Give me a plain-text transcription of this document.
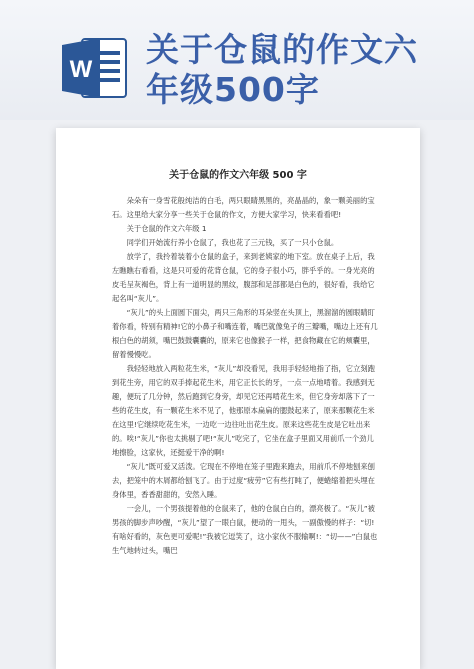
W
关于仓鼠的作文六
年级500字
关于仓鼠的作文六年级 500 字

朵朵有一身雪花般纯洁的白毛，两只眼睛黑黑的，亮晶晶的，象一颗美丽的宝石。这里给大家分享一些关于仓鼠的作文，方便大家学习，快来看看吧!

关于仓鼠的作文六年级 1

同学们开始流行养小仓鼠了，我也花了三元钱，买了一只小仓鼠。

放学了，我拎着装着小仓鼠的盒子，来到老姨家的地下室。放在桌子上后，我左瞧瞧右看看，这是只可爱的花背仓鼠，它的身子很小巧，胖乎乎的。一身光亮的皮毛呈灰褐色，背上有一道明显的黑纹，腹部和足部都是白色的，很好看，我给它起名叫“灰儿”。

“灰儿”的头上面圆下面尖，两只三角形的耳朵竖在头顶上，黑溜溜的圆眼睛盯着你看，特别有精神!它的小鼻子和嘴连着，嘴巴就像兔子的三瓣嘴，嘴边上还有几根白色的胡须，嘴巴鼓鼓囊囊的，原来它也像猴子一样，把食物藏在它的颊囊里，留着慢慢吃。

我轻轻地放入两粒花生米，“灰儿”却没看见，我用手轻轻地指了指，它立刻跑到花生旁，用它的双手捧起花生米，用它正长长的牙，一点一点地啃着。我感到无趣，便玩了几分钟，然后跑到它身旁，却见它还再啃花生米，但它身旁却落下了一些的花生皮，有一颗花生米不见了，他那原本扁扁的腮鼓起来了，原来那颗花生米在这里!它继续吃花生米，一边吃一边往吐出花生皮。原来这些花生皮是它吐出来的。唉!“灰儿”你也太挑剔了吧!“灰儿”吃完了，它坐在盒子里面又用前爪一个劲儿地擦脸，这家伙，还挺爱干净的啊!

“灰儿”既可爱又活泼。它现在不停地在笼子里跑来跑去，用前爪不停地刨来刨去，把笼中的木屑都给刨飞了。由于过度“疲劳”它有些打盹了，便蜷缩着把头埋在身体里，香香甜甜的，安然入睡。

一会儿，一个男孩提着他的仓鼠来了，他的仓鼠白白的，漂亮极了。“灰儿”被男孩的脚步声吵醒，“灰儿”望了一眼白鼠，便动的一甩头，一副傲慢的样子：“切!有啥好看的，灰色更可爱呢!”我被它逗笑了，这小家伙不服输啊!：“切——”白鼠也生气地转过头，嘴巴
